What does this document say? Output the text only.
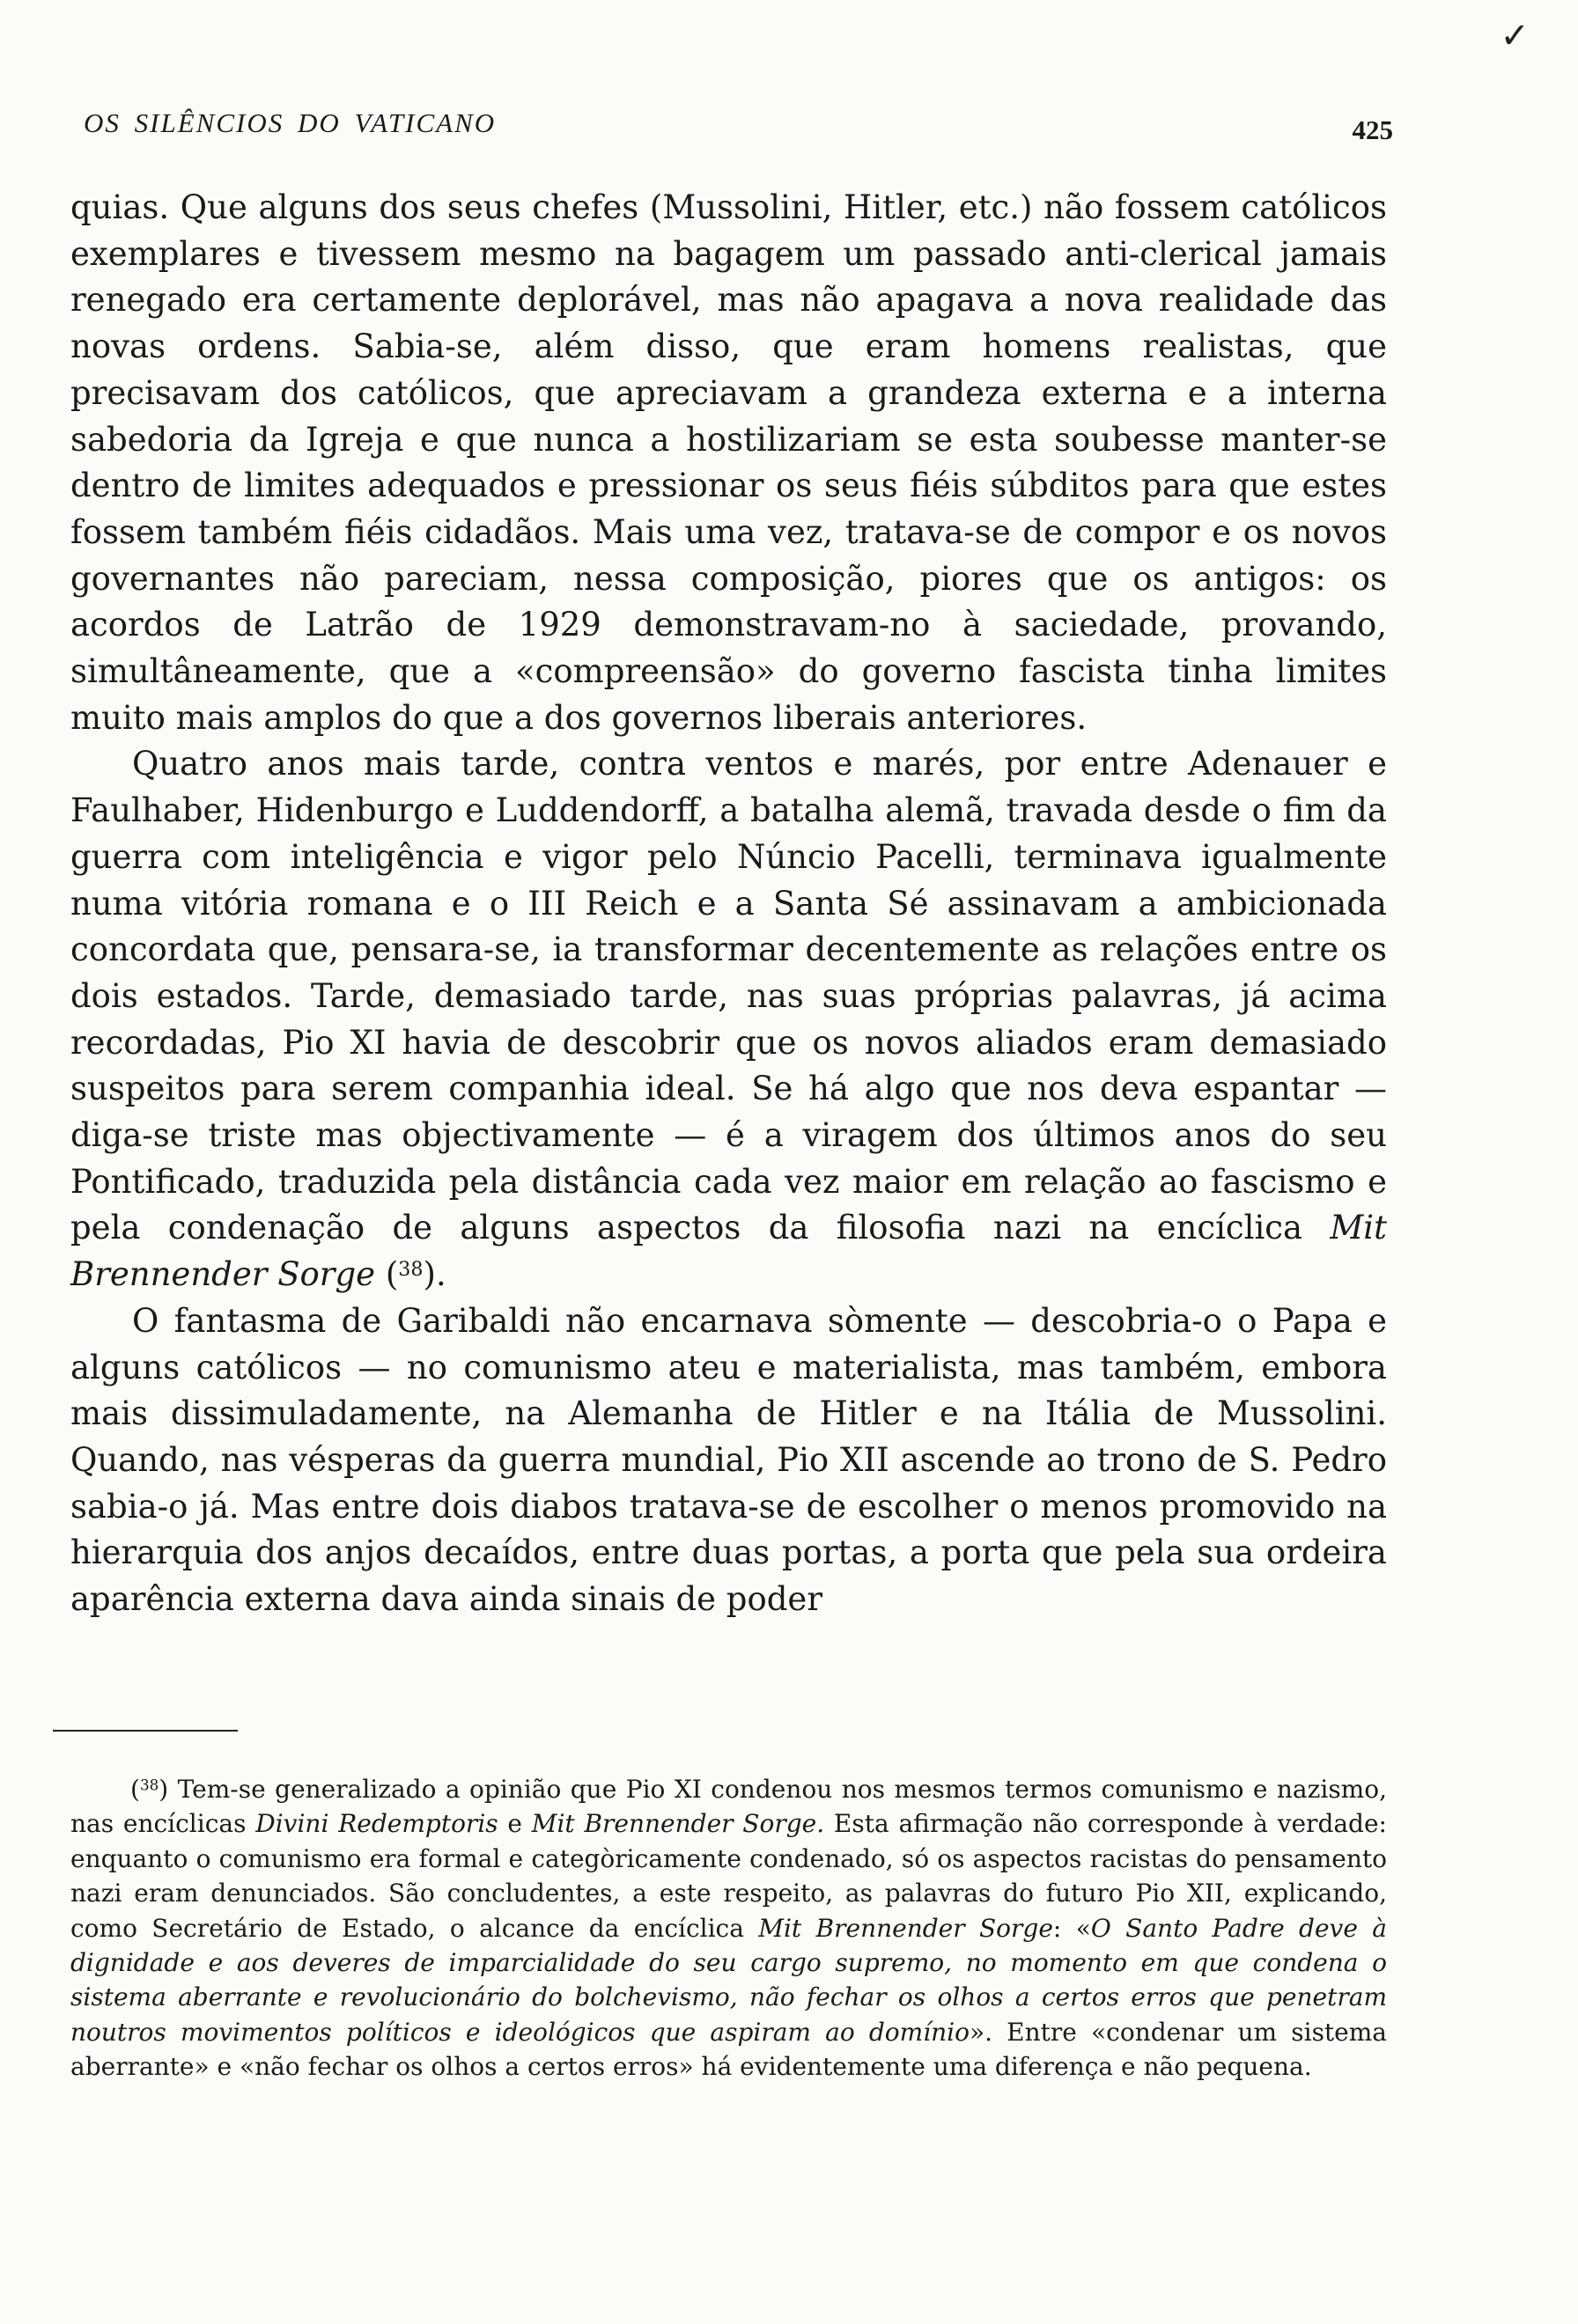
✓
OS SILÊNCIOS DO VATICANO	425

quias. Que alguns dos seus chefes (Mussolini, Hitler, etc.) não fossem católicos exemplares e tivessem mesmo na bagagem um passado anti-clerical jamais renegado era certamente deplorável, mas não apagava a nova realidade das novas ordens. Sabia-se, além disso, que eram homens realistas, que precisavam dos católicos, que apreciavam a grandeza externa e a interna sabedoria da Igreja e que nunca a hostilizariam se esta soubesse manter-se dentro de limites adequados e pressionar os seus fiéis súbditos para que estes fossem também fiéis cidadãos. Mais uma vez, tratava-se de compor e os novos governantes não pareciam, nessa composição, piores que os antigos: os acordos de Latrão de 1929 demonstravam-no à saciedade, provando, simultâneamente, que a «compreensão» do governo fascista tinha limites muito mais amplos do que a dos governos liberais anteriores.

Quatro anos mais tarde, contra ventos e marés, por entre Adenauer e Faulhaber, Hidenburgo e Luddendorff, a batalha alemã, travada desde o fim da guerra com inteligência e vigor pelo Núncio Pacelli, terminava igualmente numa vitória romana e o III Reich e a Santa Sé assinavam a ambicionada concordata que, pensara-se, ia transformar decentemente as relações entre os dois estados. Tarde, demasiado tarde, nas suas próprias palavras, já acima recordadas, Pio XI havia de descobrir que os novos aliados eram demasiado suspeitos para serem companhia ideal. Se há algo que nos deva espantar — diga-se triste mas objectivamente — é a viragem dos últimos anos do seu Pontificado, traduzida pela distância cada vez maior em relação ao fascismo e pela condenação de alguns aspectos da filosofia nazi na encíclica Mit Brennender Sorge ($^{38}$).

O fantasma de Garibaldi não encarnava sòmente — descobria-o o Papa e alguns católicos — no comunismo ateu e materialista, mas também, embora mais dissimuladamente, na Alemanha de Hitler e na Itália de Mussolini. Quando, nas vésperas da guerra mundial, Pio XII ascende ao trono de S. Pedro sabia-o já. Mas entre dois diabos tratava-se de escolher o menos promovido na hierarquia dos anjos decaídos, entre duas portas, a porta que pela sua ordeira aparência externa dava ainda sinais de poder

($^{38}$) Tem-se generalizado a opinião que Pio XI condenou nos mesmos termos comunismo e nazismo, nas encíclicas Divini Redemptoris e Mit Brennender Sorge. Esta afirmação não corresponde à verdade: enquanto o comunismo era formal e categòricamente condenado, só os aspectos racistas do pensamento nazi eram denunciados. São concludentes, a este respeito, as palavras do futuro Pio XII, explicando, como Secretário de Estado, o alcance da encíclica Mit Brennender Sorge: «O Santo Padre deve à dignidade e aos deveres de imparcialidade do seu cargo supremo, no momento em que condena o sistema aberrante e revolucionário do bolchevismo, não fechar os olhos a certos erros que penetram noutros movimentos políticos e ideológicos que aspiram ao domínio». Entre «condenar um sistema aberrante» e «não fechar os olhos a certos erros» há evidentemente uma diferença e não pequena.
